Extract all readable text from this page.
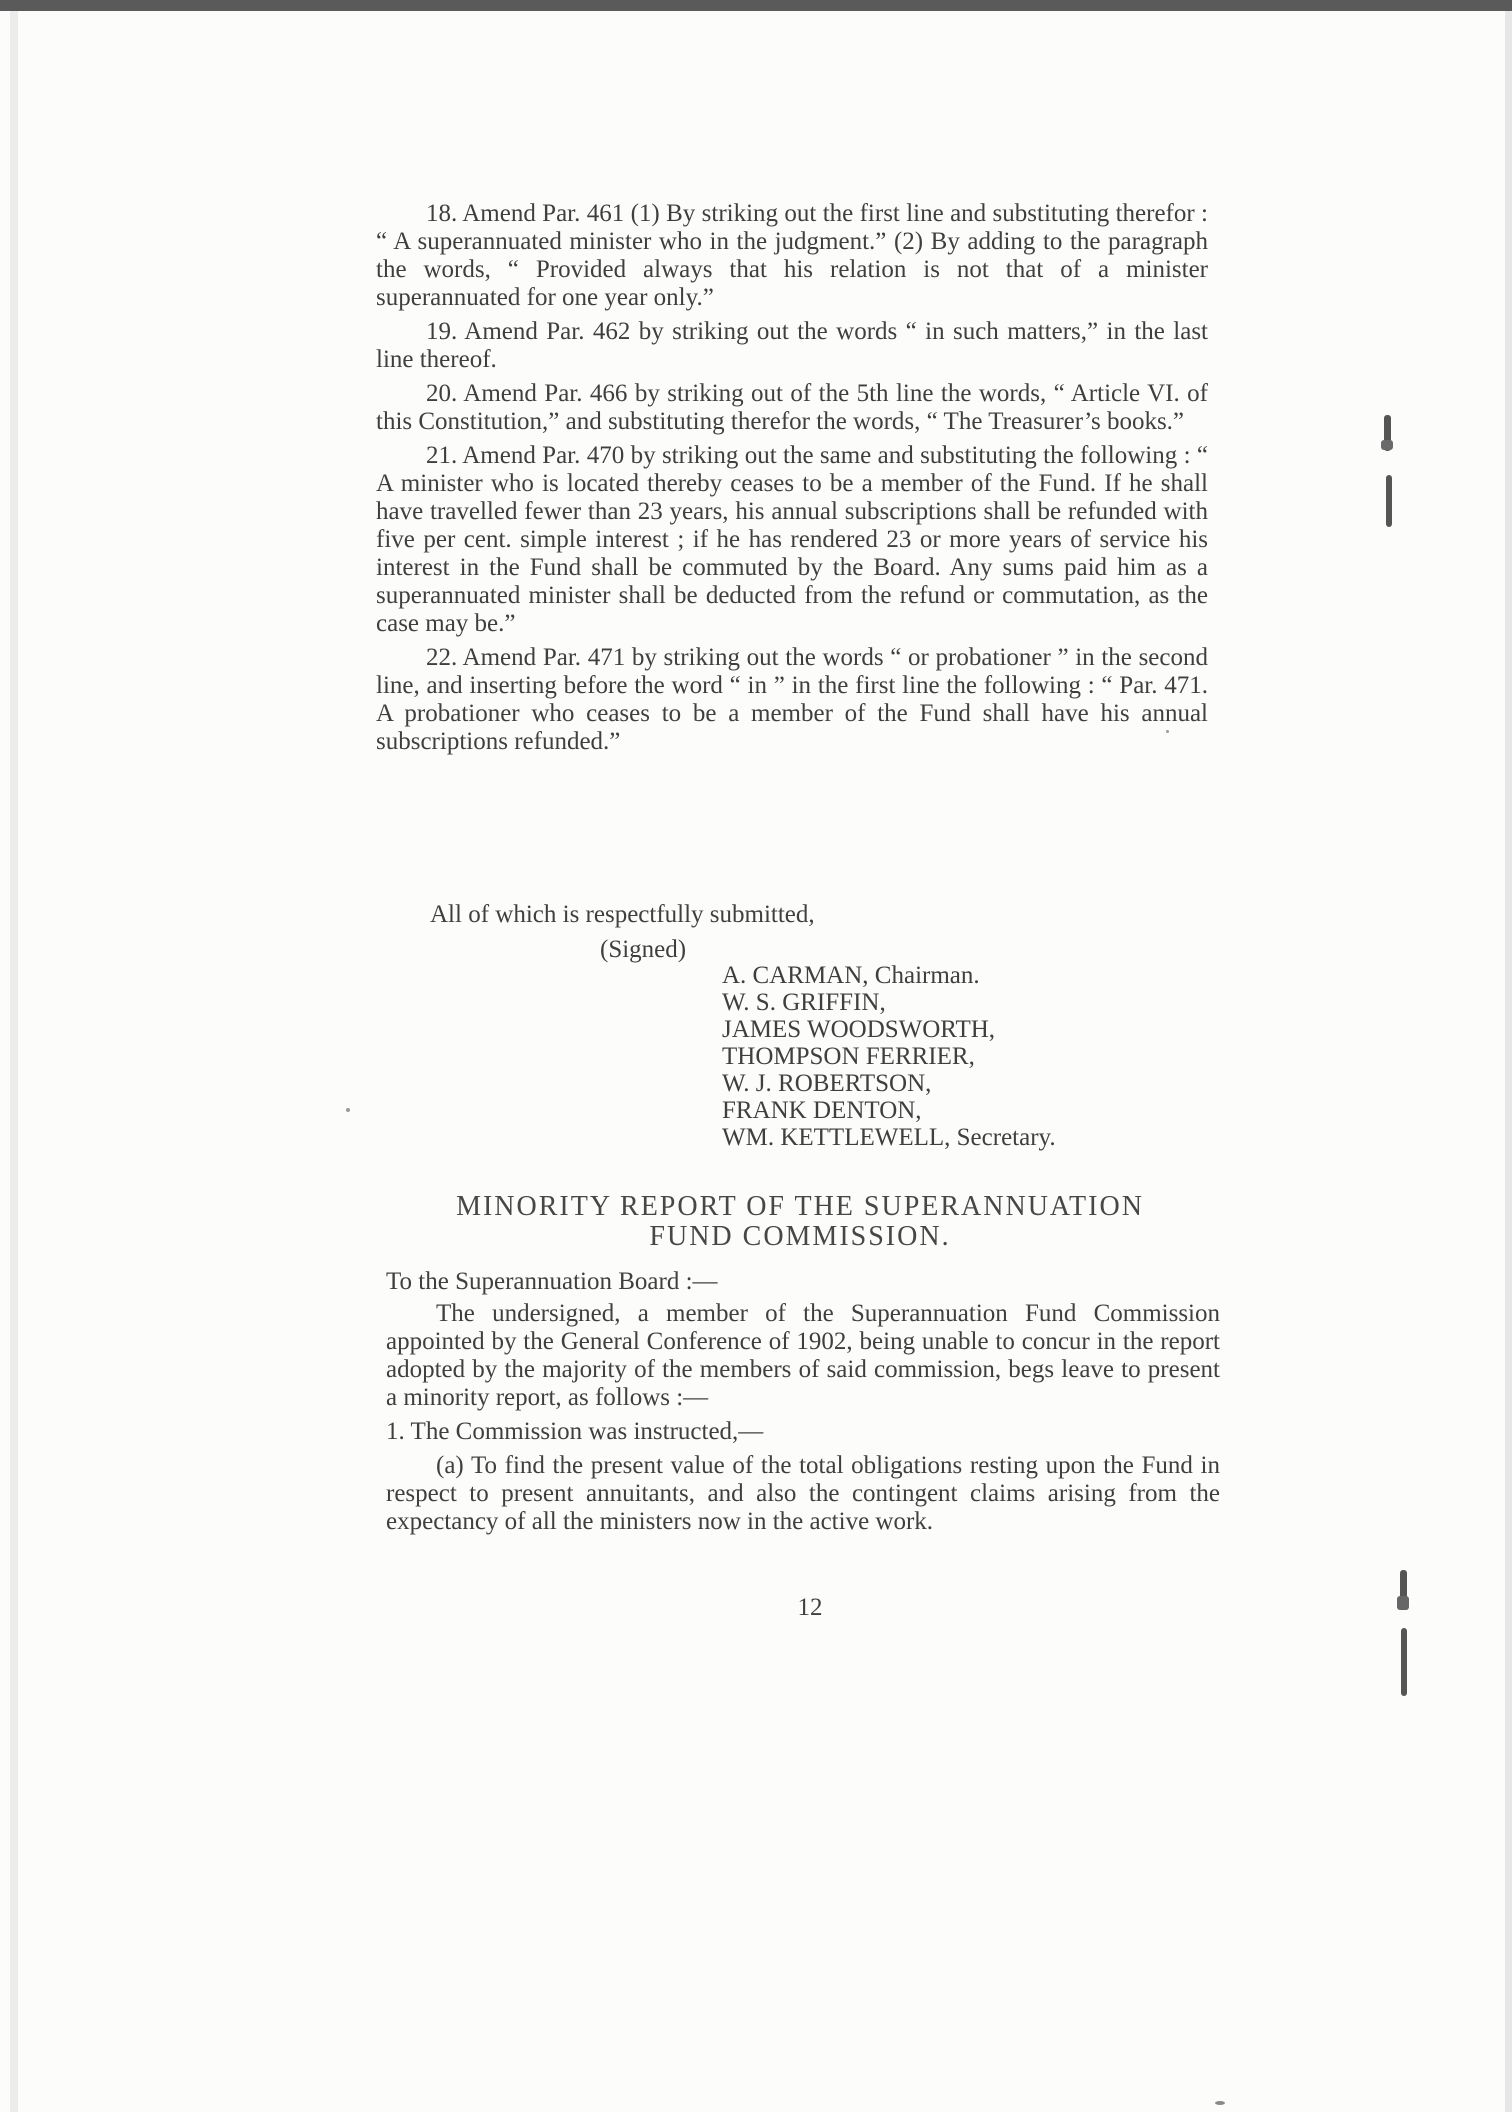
18. Amend Par. 461 (1) By striking out the first line and substituting therefor : “ A superannuated minister who in the judgment.” (2) By adding to the paragraph the words, “ Provided always that his relation is not that of a minister superannuated for one year only.”

19. Amend Par. 462 by striking out the words “ in such matters,” in the last line thereof.

20. Amend Par. 466 by striking out of the 5th line the words, “ Article VI. of this Constitution,” and substituting therefor the words, “ The Treasurer’s books.”

21. Amend Par. 470 by striking out the same and substituting the following : “ A minister who is located thereby ceases to be a member of the Fund. If he shall have travelled fewer than 23 years, his annual subscriptions shall be refunded with five per cent. simple interest ; if he has rendered 23 or more years of service his interest in the Fund shall be commuted by the Board. Any sums paid him as a superannuated minister shall be deducted from the refund or commutation, as the case may be.”

22. Amend Par. 471 by striking out the words “ or probationer ” in the second line, and inserting before the word “ in ” in the first line the following : “ Par. 471. A probationer who ceases to be a member of the Fund shall have his annual subscriptions refunded.”

All of which is respectfully submitted,
(Signed)
A. CARMAN, Chairman.
W. S. GRIFFIN,
JAMES WOODSWORTH,
THOMPSON FERRIER,
W. J. ROBERTSON,
FRANK DENTON,
WM. KETTLEWELL, Secretary.
MINORITY REPORT OF THE SUPERANNUATION
FUND COMMISSION.

To the Superannuation Board :—

The undersigned, a member of the Superannuation Fund Commission appointed by the General Conference of 1902, being unable to concur in the report adopted by the majority of the members of said commission, begs leave to present a minority report, as follows :—

1. The Commission was instructed,—

(a) To find the present value of the total obligations resting upon the Fund in respect to present annuitants, and also the contingent claims arising from the expectancy of all the ministers now in the active work.

12
